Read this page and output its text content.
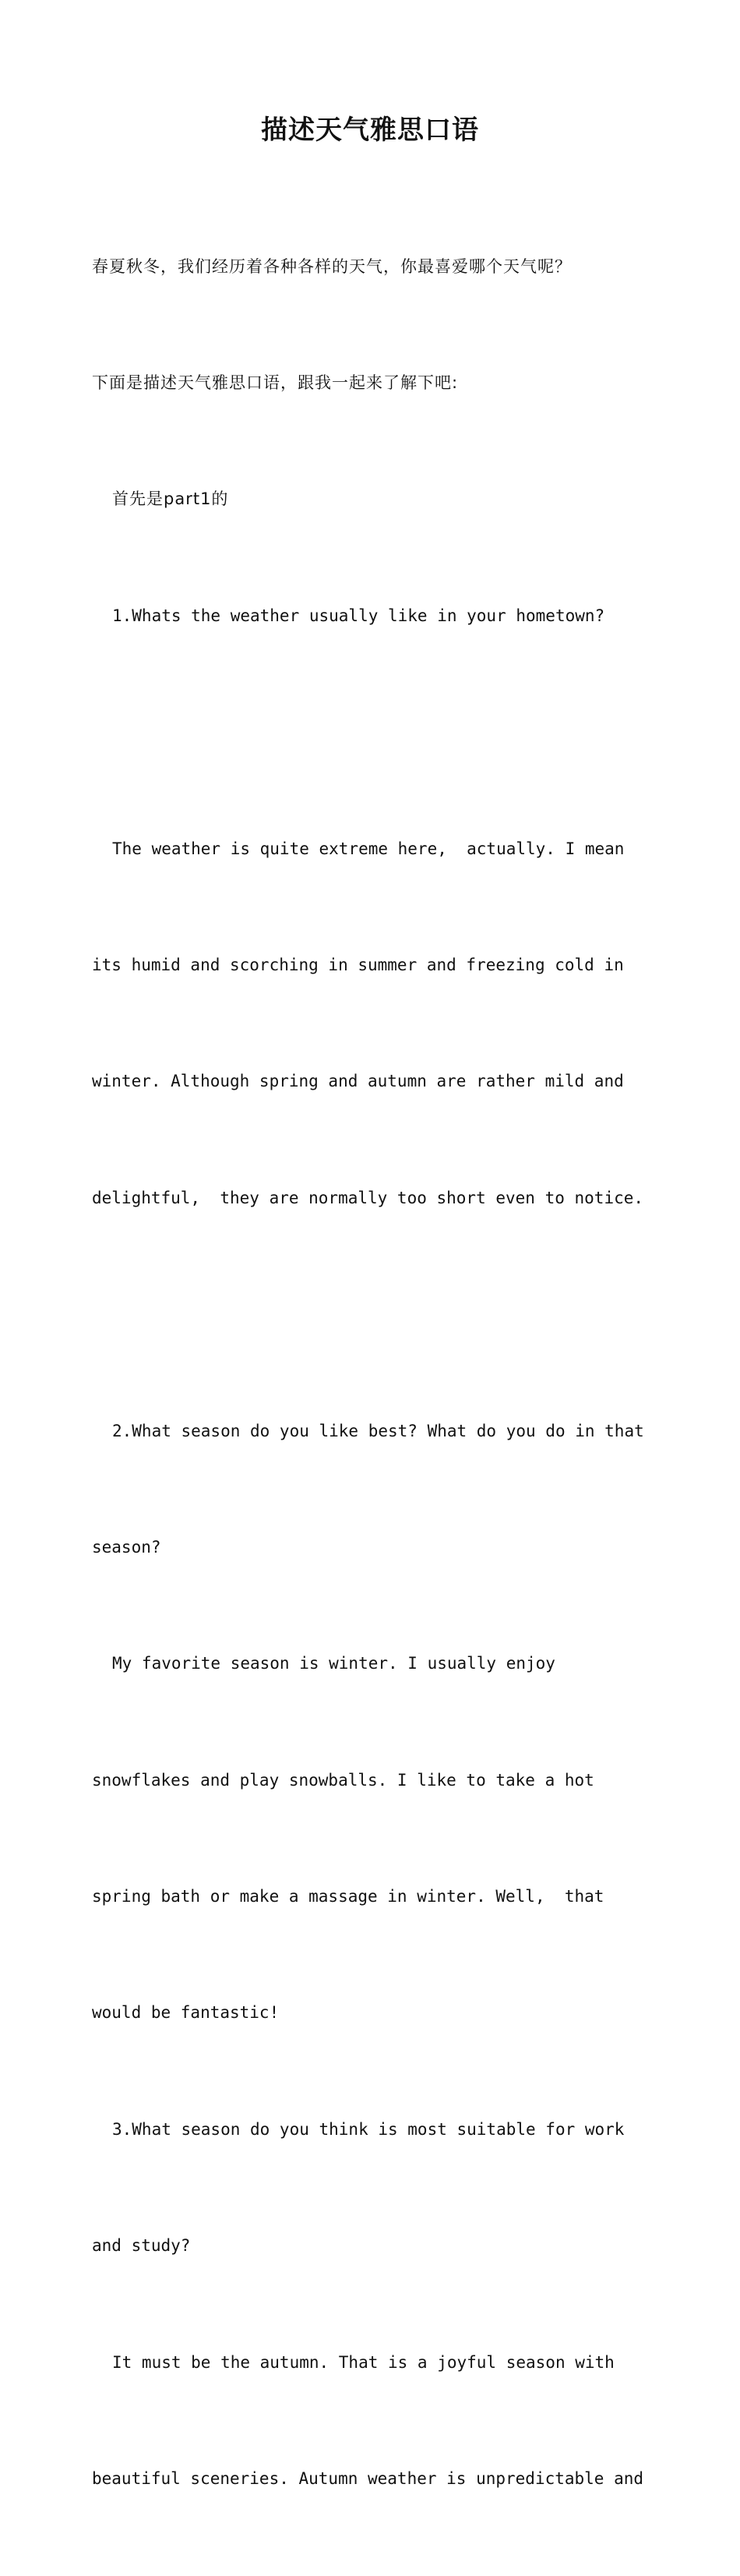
描述天气雅思口语

春夏秋冬，我们经历着各种各样的天气，你最喜爱哪个天气呢？

下面是描述天气雅思口语，跟我一起来了解下吧:

首先是part1的

1.Whats the weather usually like in your hometown?

The weather is quite extreme here,  actually. I mean

its humid and scorching in summer and freezing cold in

winter. Although spring and autumn are rather mild and

delightful,  they are normally too short even to notice.

2.What season do you like best? What do you do in that

season?

My favorite season is winter. I usually enjoy

snowflakes and play snowballs. I like to take a hot

spring bath or make a massage in winter. Well,  that

would be fantastic!

3.What season do you think is most suitable for work

and study?

It must be the autumn. That is a joyful season with

beautiful sceneries. Autumn weather is unpredictable and
